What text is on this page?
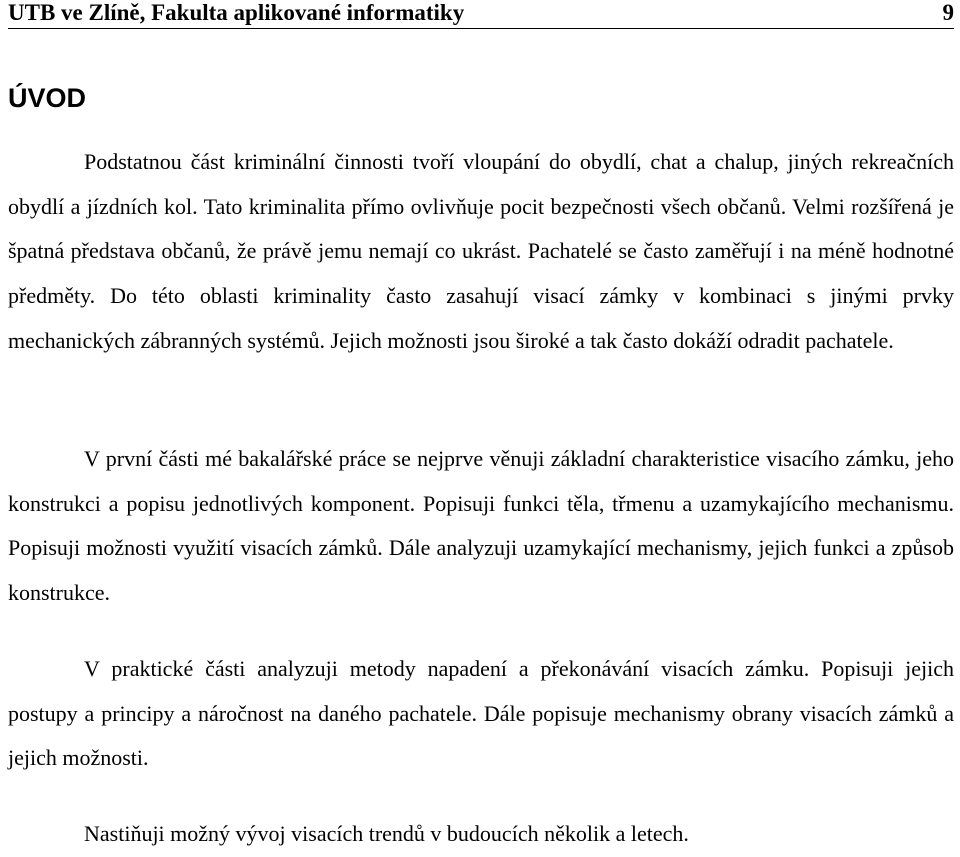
UTB ve Zlíně, Fakulta aplikované informatiky	9
ÚVOD

Podstatnou část kriminální činnosti tvoří vloupání do obydlí, chat a chalup, jiných rekreačních obydlí a jízdních kol. Tato kriminalita přímo ovlivňuje pocit bezpečnosti všech občanů. Velmi rozšířená je špatná představa občanů, že právě jemu nemají co ukrást. Pachatelé se často zaměřují i na méně hodnotné předměty. Do této oblasti kriminality často zasahují visací zámky v kombinaci s jinými prvky mechanických zábranných systémů. Jejich možnosti jsou široké a tak často dokáží odradit pachatele.

V první části mé bakalářské práce se nejprve věnuji základní charakteristice visacího zámku, jeho konstrukci a popisu jednotlivých komponent. Popisuji funkci těla, třmenu a uzamykajícího mechanismu. Popisuji možnosti využití visacích zámků. Dále analyzuji uzamykající mechanismy, jejich funkci a způsob konstrukce.

V praktické části analyzuji metody napadení a překonávání visacích zámku. Popisuji jejich postupy a principy a náročnost na daného pachatele. Dále popisuje mechanismy obrany visacích zámků a jejich možnosti.

Nastiňuji možný vývoj visacích trendů v budoucích několik a letech.
